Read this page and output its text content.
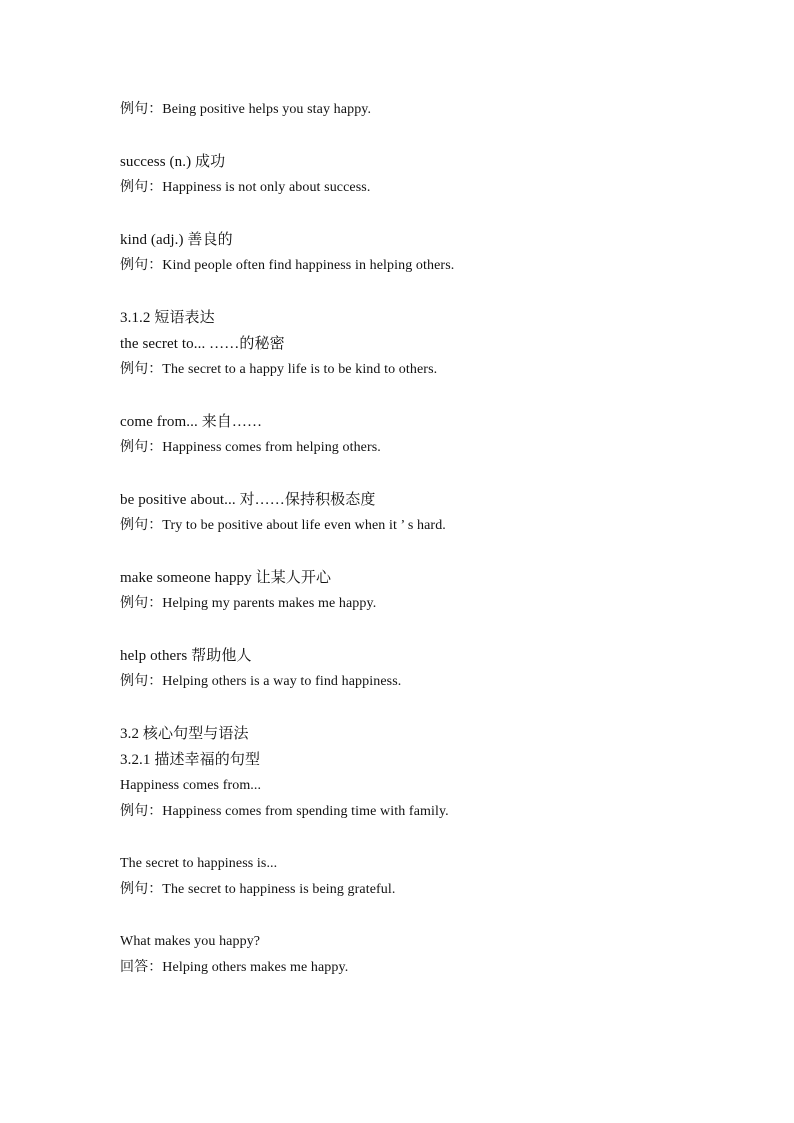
例句：Being positive helps you stay happy.
success (n.) 成功
例句：Happiness is not only about success.
kind (adj.) 善良的
例句：Kind people often find happiness in helping others.
3.1.2 短语表达
the secret to... ……的秘密
例句：The secret to a happy life is to be kind to others.
come from... 来自……
例句：Happiness comes from helping others.
be positive about... 对……保持积极态度
例句：Try to be positive about life even when it ’ s hard.
make someone happy 让某人开心
例句：Helping my parents makes me happy.
help others 帮助他人
例句：Helping others is a way to find happiness.
3.2 核心句型与语法
3.2.1 描述幸福的句型
Happiness comes from...
例句：Happiness comes from spending time with family.
The secret to happiness is...
例句：The secret to happiness is being grateful.
What makes you happy?
回答：Helping others makes me happy.
